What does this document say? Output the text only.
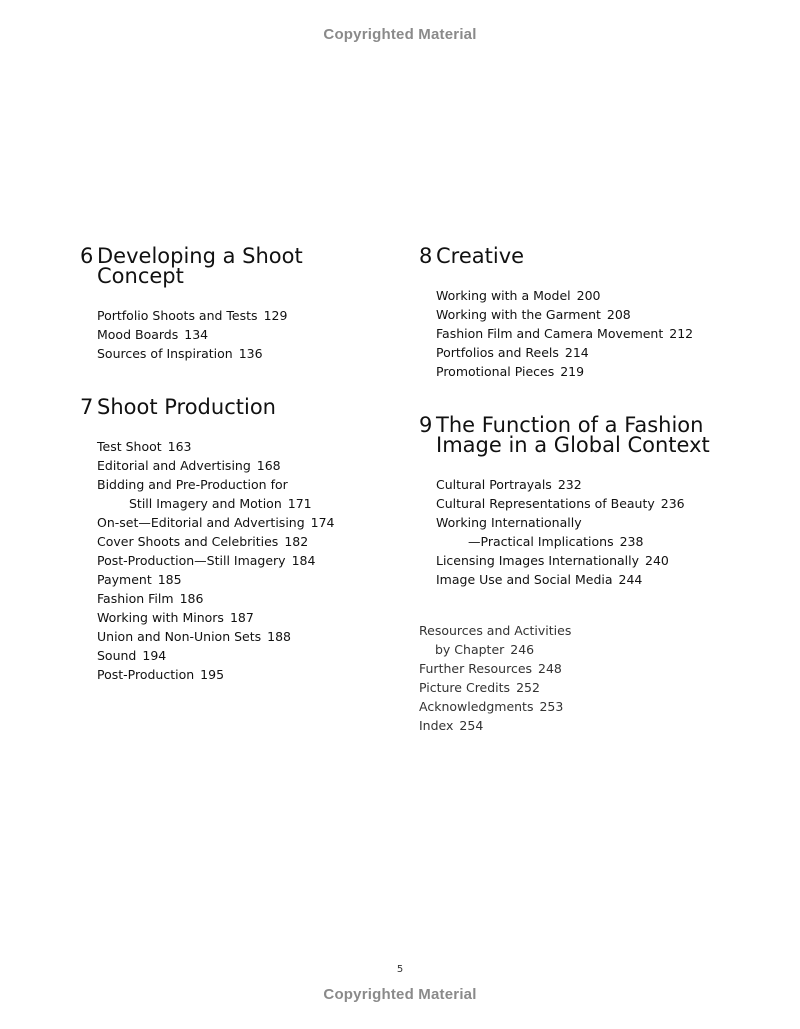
Copyrighted Material
6 Developing a Shoot
Concept
Portfolio Shoots and Tests 129
Mood Boards 134
Sources of Inspiration 136
7 Shoot Production
Test Shoot 163
Editorial and Advertising 168
Bidding and Pre-Production for
Still Imagery and Motion 171
On-set—Editorial and Advertising 174
Cover Shoots and Celebrities 182
Post-Production—Still Imagery 184
Payment 185
Fashion Film 186
Working with Minors 187
Union and Non-Union Sets 188
Sound 194
Post-Production 195
8 Creative
Working with a Model 200
Working with the Garment 208
Fashion Film and Camera Movement 212
Portfolios and Reels 214
Promotional Pieces 219
9 The Function of a Fashion
Image in a Global Context
Cultural Portrayals 232
Cultural Representations of Beauty 236
Working Internationally
—Practical Implications 238
Licensing Images Internationally 240
Image Use and Social Media 244
Resources and Activities
by Chapter 246
Further Resources 248
Picture Credits 252
Acknowledgments 253
Index 254
5
Copyrighted Material
